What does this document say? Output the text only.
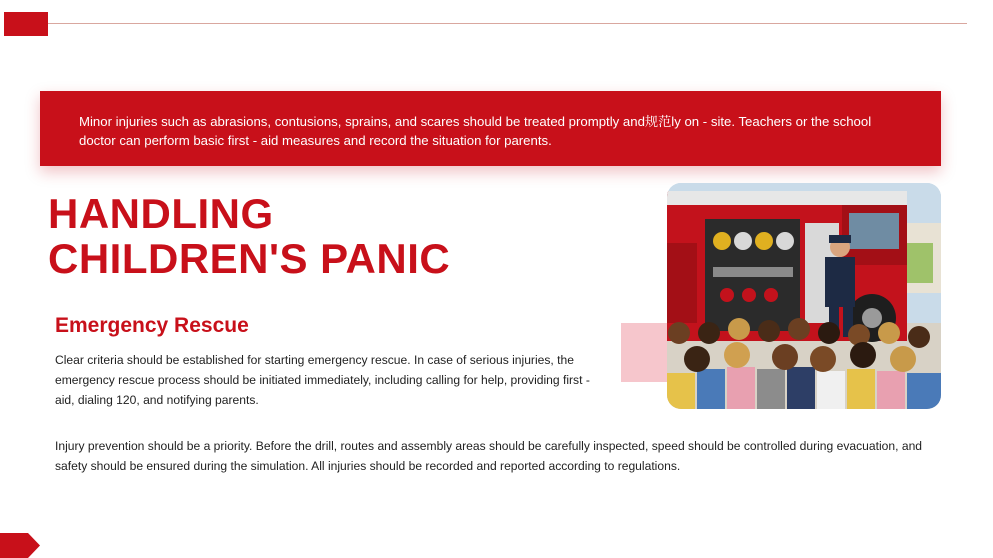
Minor injuries such as abrasions, contusions, sprains, and scares should be treated promptly and规范ly on - site. Teachers or the school doctor can perform basic first - aid measures and record the situation for parents.

HANDLING
CHILDREN'S PANIC
Emergency Rescue

Clear criteria should be established for starting emergency rescue. In case of serious injuries, the emergency rescue process should be initiated immediately, including calling for help, providing first - aid, dialing 120, and notifying parents.

Injury prevention should be a priority. Before the drill, routes and assembly areas should be carefully inspected, speed should be controlled during evacuation, and safety should be ensured during the simulation. All injuries should be recorded and reported according to regulations.
